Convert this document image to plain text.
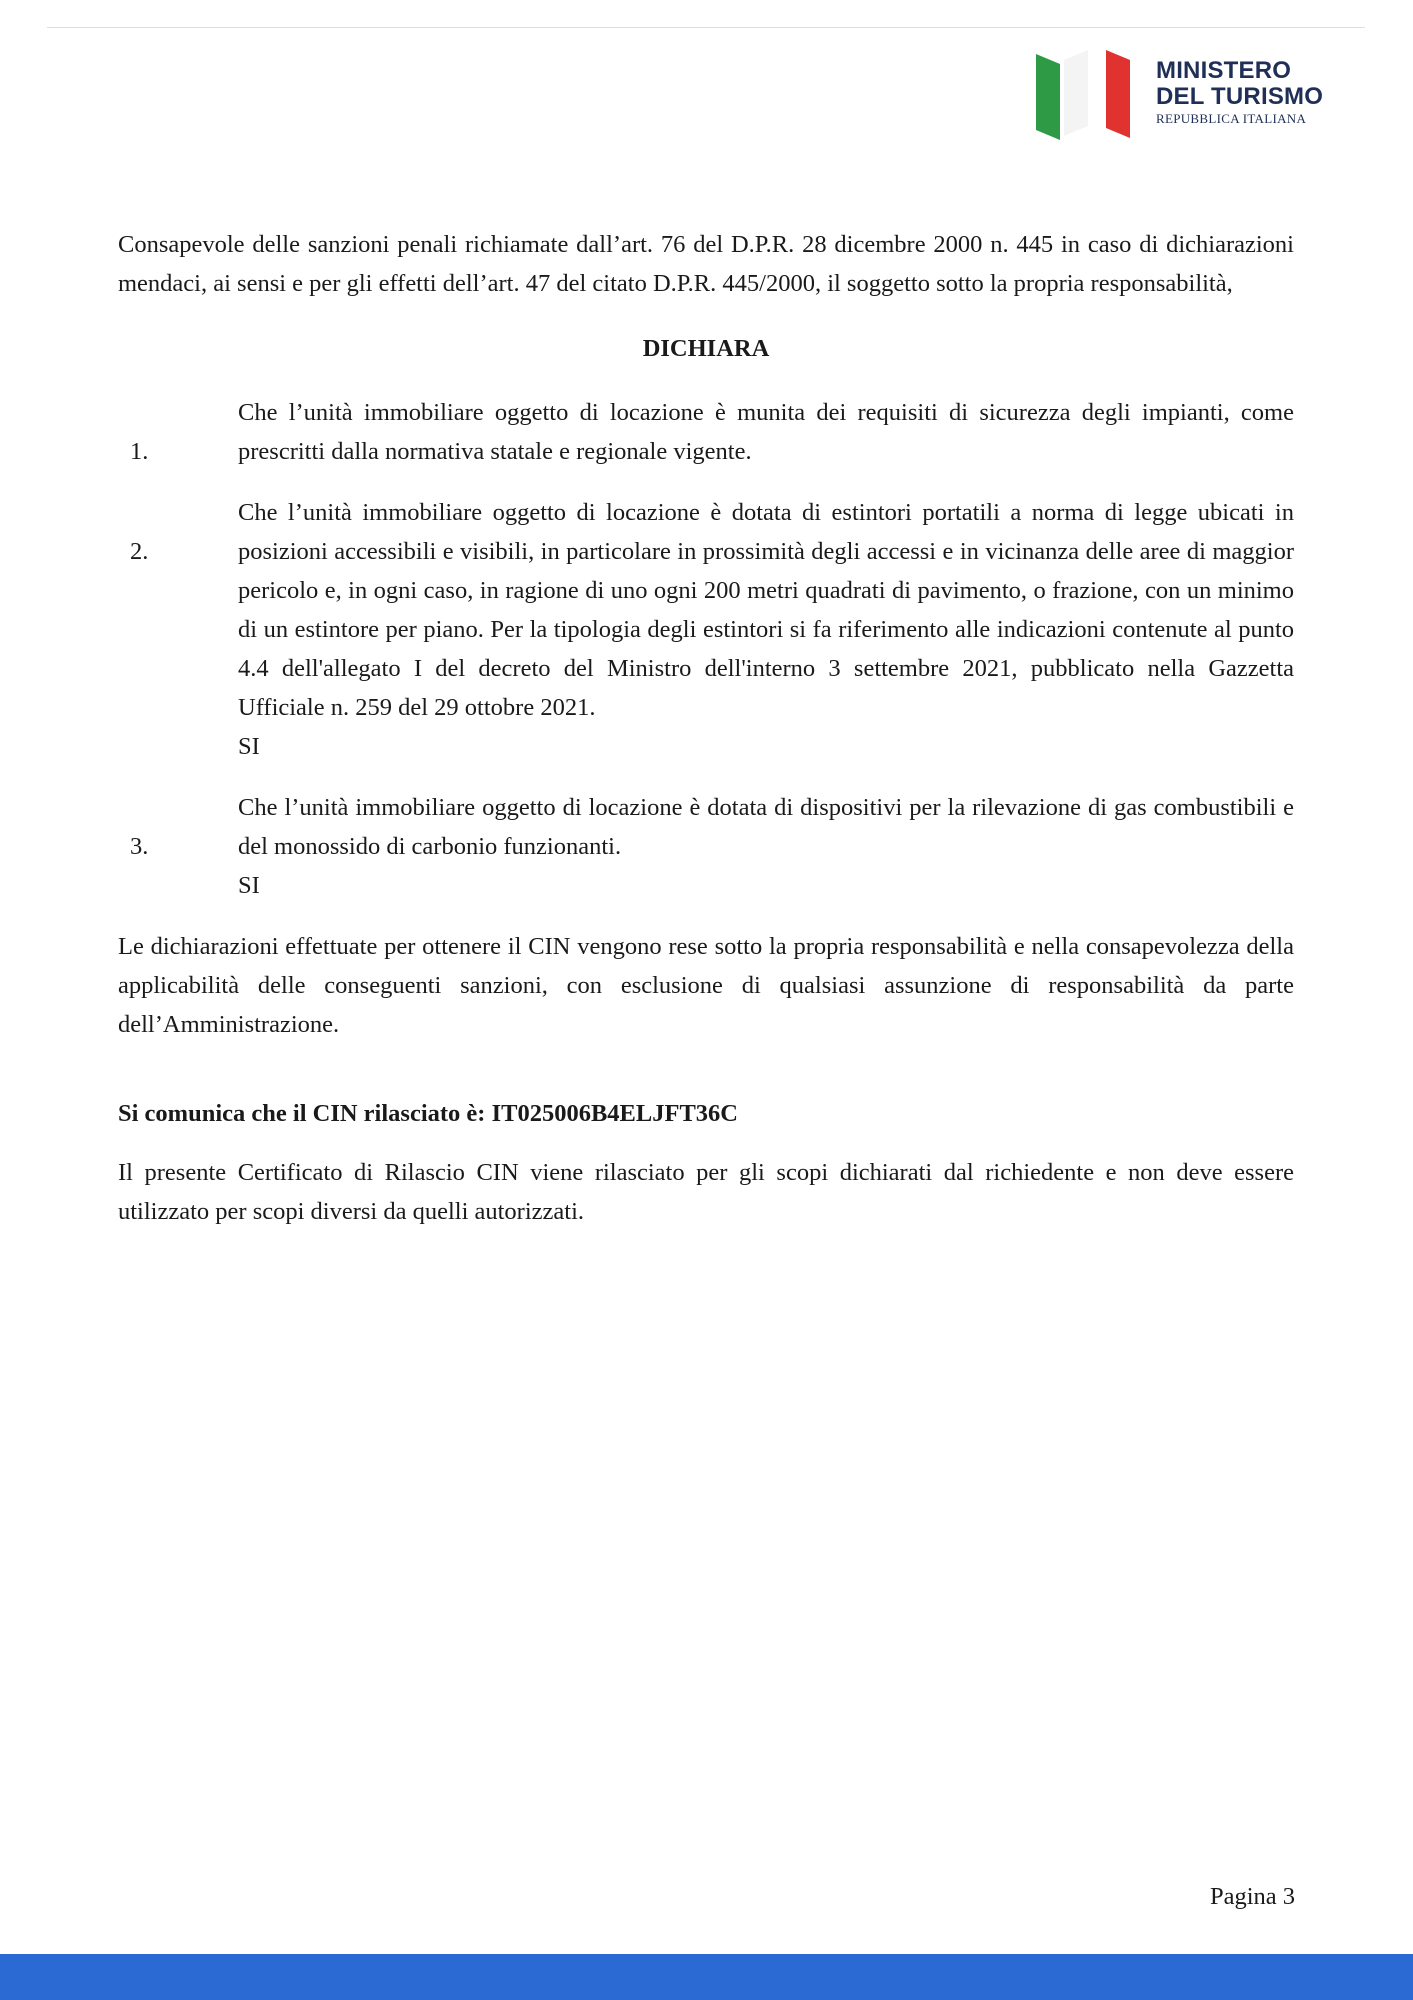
MINISTERO
DEL TURISMO
REPUBBLICA ITALIANA

Consapevole delle sanzioni penali richiamate dall’art. 76 del D.P.R. 28 dicembre 2000 n. 445 in caso di dichiarazioni mendaci, ai sensi e per gli effetti dell’art. 47 del citato D.P.R. 445/2000, il soggetto sotto la propria responsabilità,

DICHIARA
1.

Che l’unità immobiliare oggetto di locazione è munita dei requisiti di sicurezza degli impianti, come prescritti dalla normativa statale e regionale vigente.

2.

Che l’unità immobiliare oggetto di locazione è dotata di estintori portatili a norma di legge ubicati in posizioni accessibili e visibili, in particolare in prossimità degli accessi e in vicinanza delle aree di maggior pericolo e, in ogni caso, in ragione di uno ogni 200 metri quadrati di pavimento, o frazione, con un minimo di un estintore per piano. Per la tipologia degli estintori si fa riferimento alle indicazioni contenute al punto 4.4 dell'allegato I del decreto del Ministro dell'interno 3 settembre 2021, pubblicato nella Gazzetta Ufficiale n. 259 del 29 ottobre 2021.

SI

3.

Che l’unità immobiliare oggetto di locazione è dotata di dispositivi per la rilevazione di gas combustibili e del monossido di carbonio funzionanti.

SI

Le dichiarazioni effettuate per ottenere il CIN vengono rese sotto la propria responsabilità e nella consapevolezza della applicabilità delle conseguenti sanzioni, con esclusione di qualsiasi assunzione di responsabilità da parte dell’Amministrazione.

Si comunica che il CIN rilasciato è: IT025006B4ELJFT36C

Il presente Certificato di Rilascio CIN viene rilasciato per gli scopi dichiarati dal richiedente e non deve essere utilizzato per scopi diversi da quelli autorizzati.

Pagina 3
